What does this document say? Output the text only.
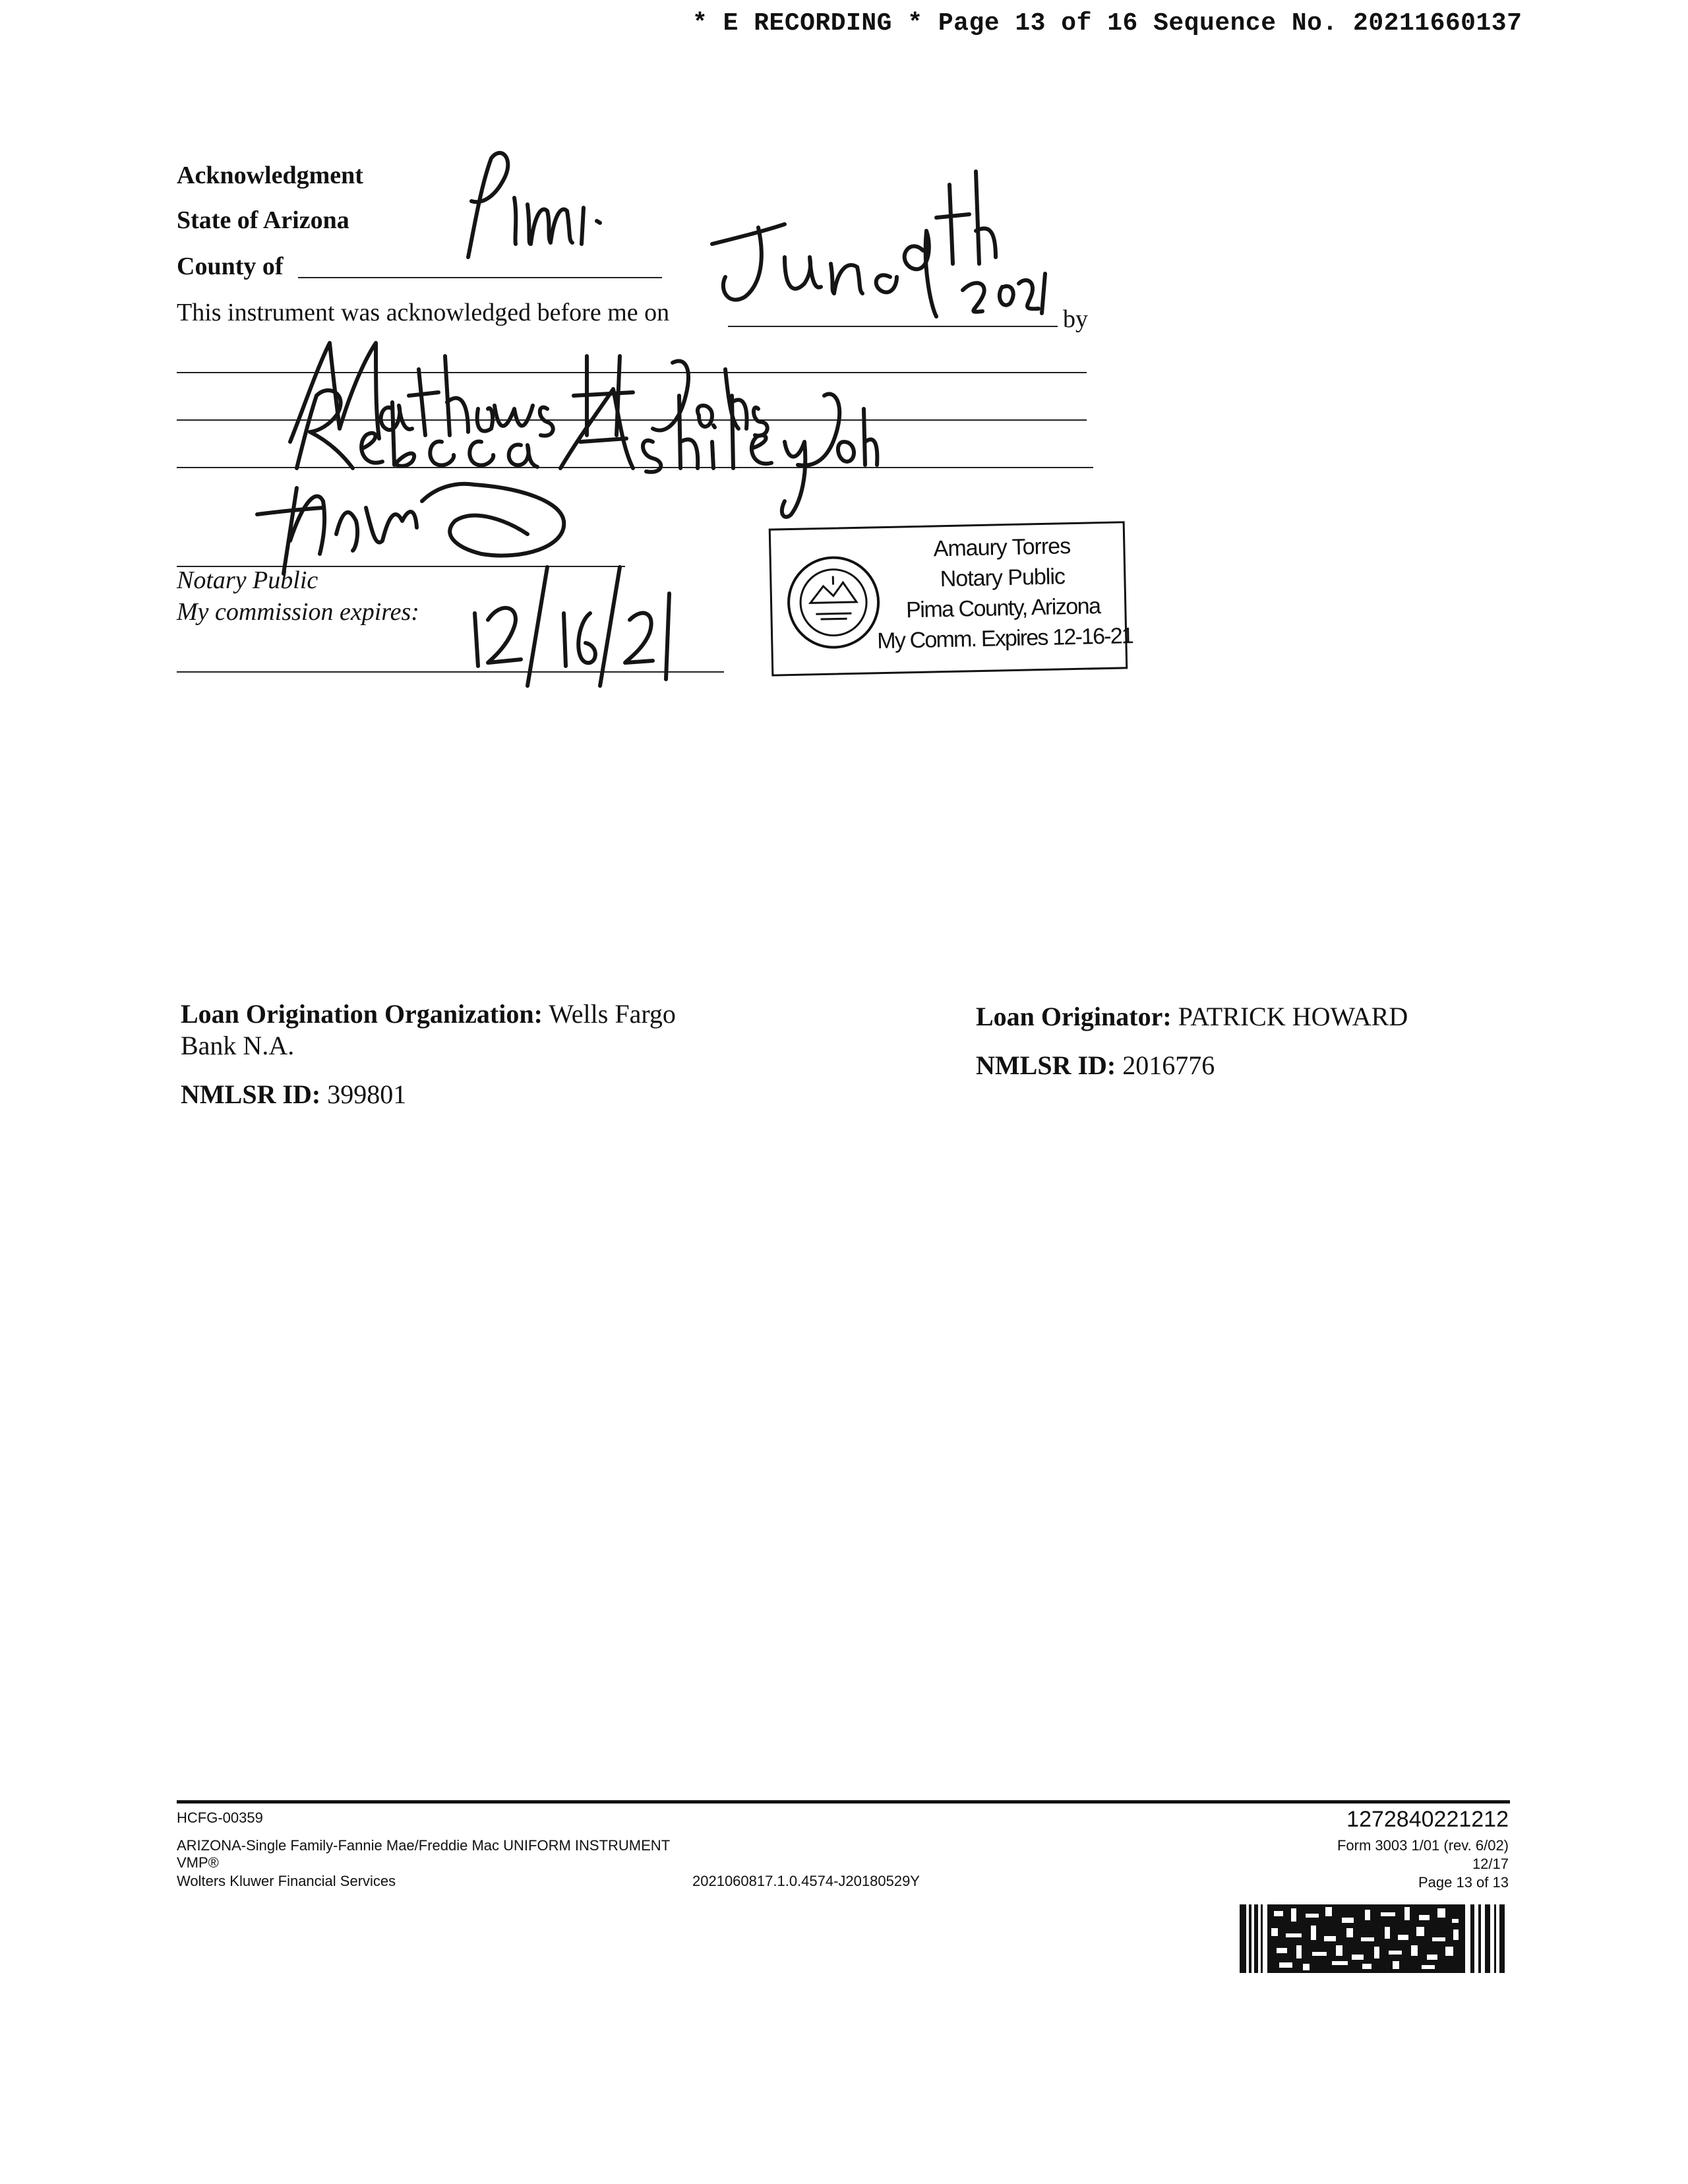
* E RECORDING * Page 13 of 16 Sequence No. 20211660137
Acknowledgment
State of Arizona
County of
This instrument was acknowledged before me on	by
Notary Public
My commission expires:
Amaury Torres
Notary Public
Pima County, Arizona
My Comm. Expires 12-16-21
Loan Origination Organization: Wells Fargo
Bank N.A.
NMLSR ID: 399801
Loan Originator: PATRICK HOWARD
NMLSR ID: 2016776
HCFG-00359
ARIZONA-Single Family-Fannie Mae/Freddie Mac UNIFORM INSTRUMENT
VMP®
Wolters Kluwer Financial Services	2021060817.1.0.4574-J20180529Y
1272840221212
Form 3003 1/01 (rev. 6/02)
12/17
Page 13 of 13
